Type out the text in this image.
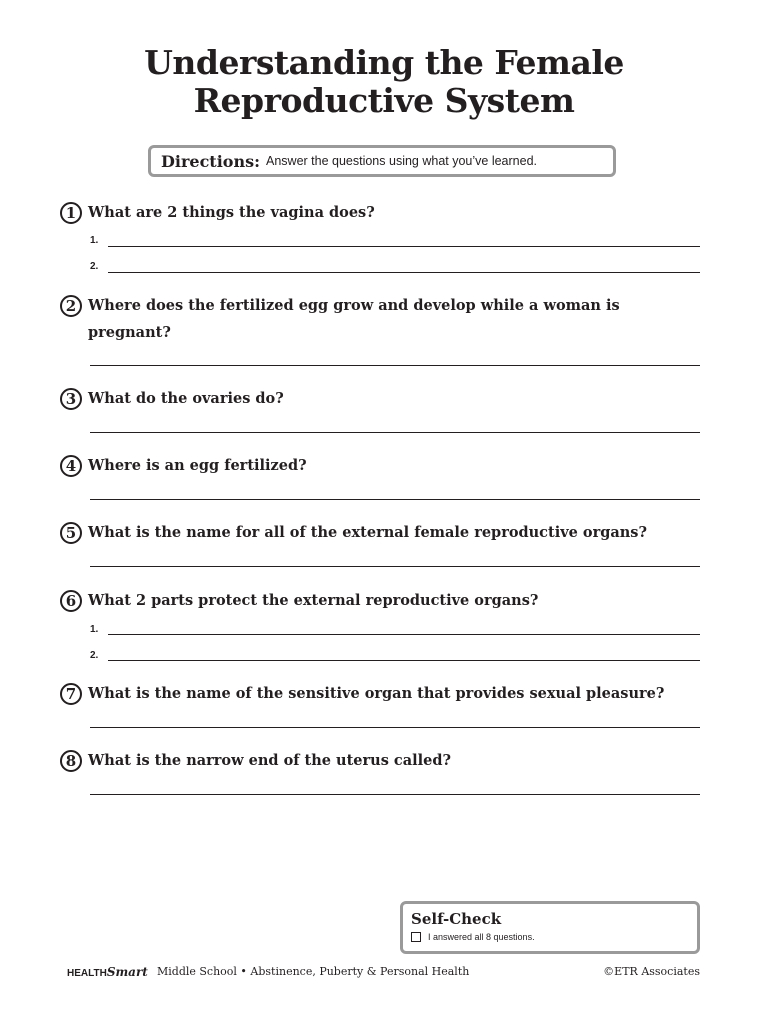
Understanding the Female
Reproductive System
Directions: Answer the questions using what you’ve learned.
1 What are 2 things the vagina does?
1.
2.
2 Where does the fertilized egg grow and develop while a woman is pregnant?
3 What do the ovaries do?
4 Where is an egg fertilized?
5 What is the name for all of the external female reproductive organs?
6 What 2 parts protect the external reproductive organs?
1.
2.
7 What is the name of the sensitive organ that provides sexual pleasure?
8 What is the narrow end of the uterus called?
Self-Check
I answered all 8 questions.
HEALTHSmart Middle School • Abstinence, Puberty & Personal Health	©ETR Associates
